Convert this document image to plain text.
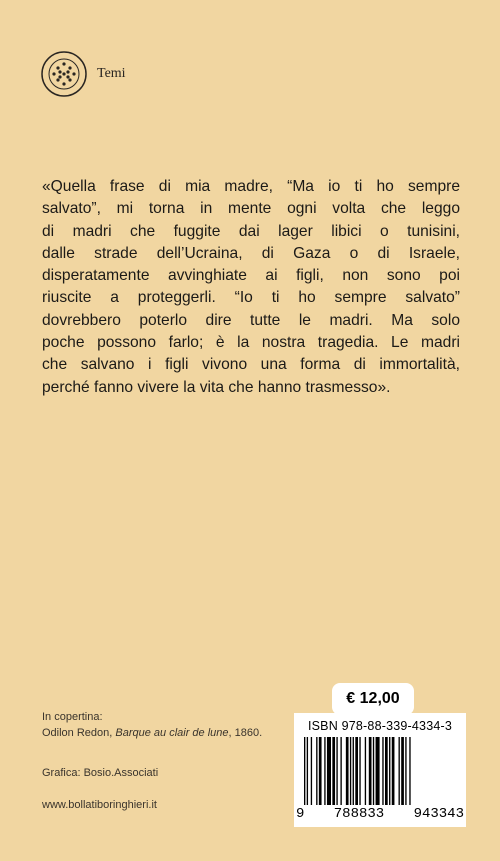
Temi
«Quella frase di mia madre, “Ma io ti ho sempre
salvato”, mi torna in mente ogni volta che leggo
di madri che fuggite dai lager libici o tunisini,
dalle strade dell’Ucraina, di Gaza o di Israele,
disperatamente avvinghiate ai figli, non sono poi
riuscite a proteggerli. “Io ti ho sempre salvato”
dovrebbero poterlo dire tutte le madri. Ma solo
poche possono farlo; è la nostra tragedia. Le madri
che salvano i figli vivono una forma di immortalità,
perché fanno vivere la vita che hanno trasmesso».
In copertina:
Odilon Redon, Barque au clair de lune, 1860.
Grafica: Bosio.Associati
www.bollatiboringhieri.it
ISBN 978-88-339-4334-3
9 788833 943343
€ 12,00
